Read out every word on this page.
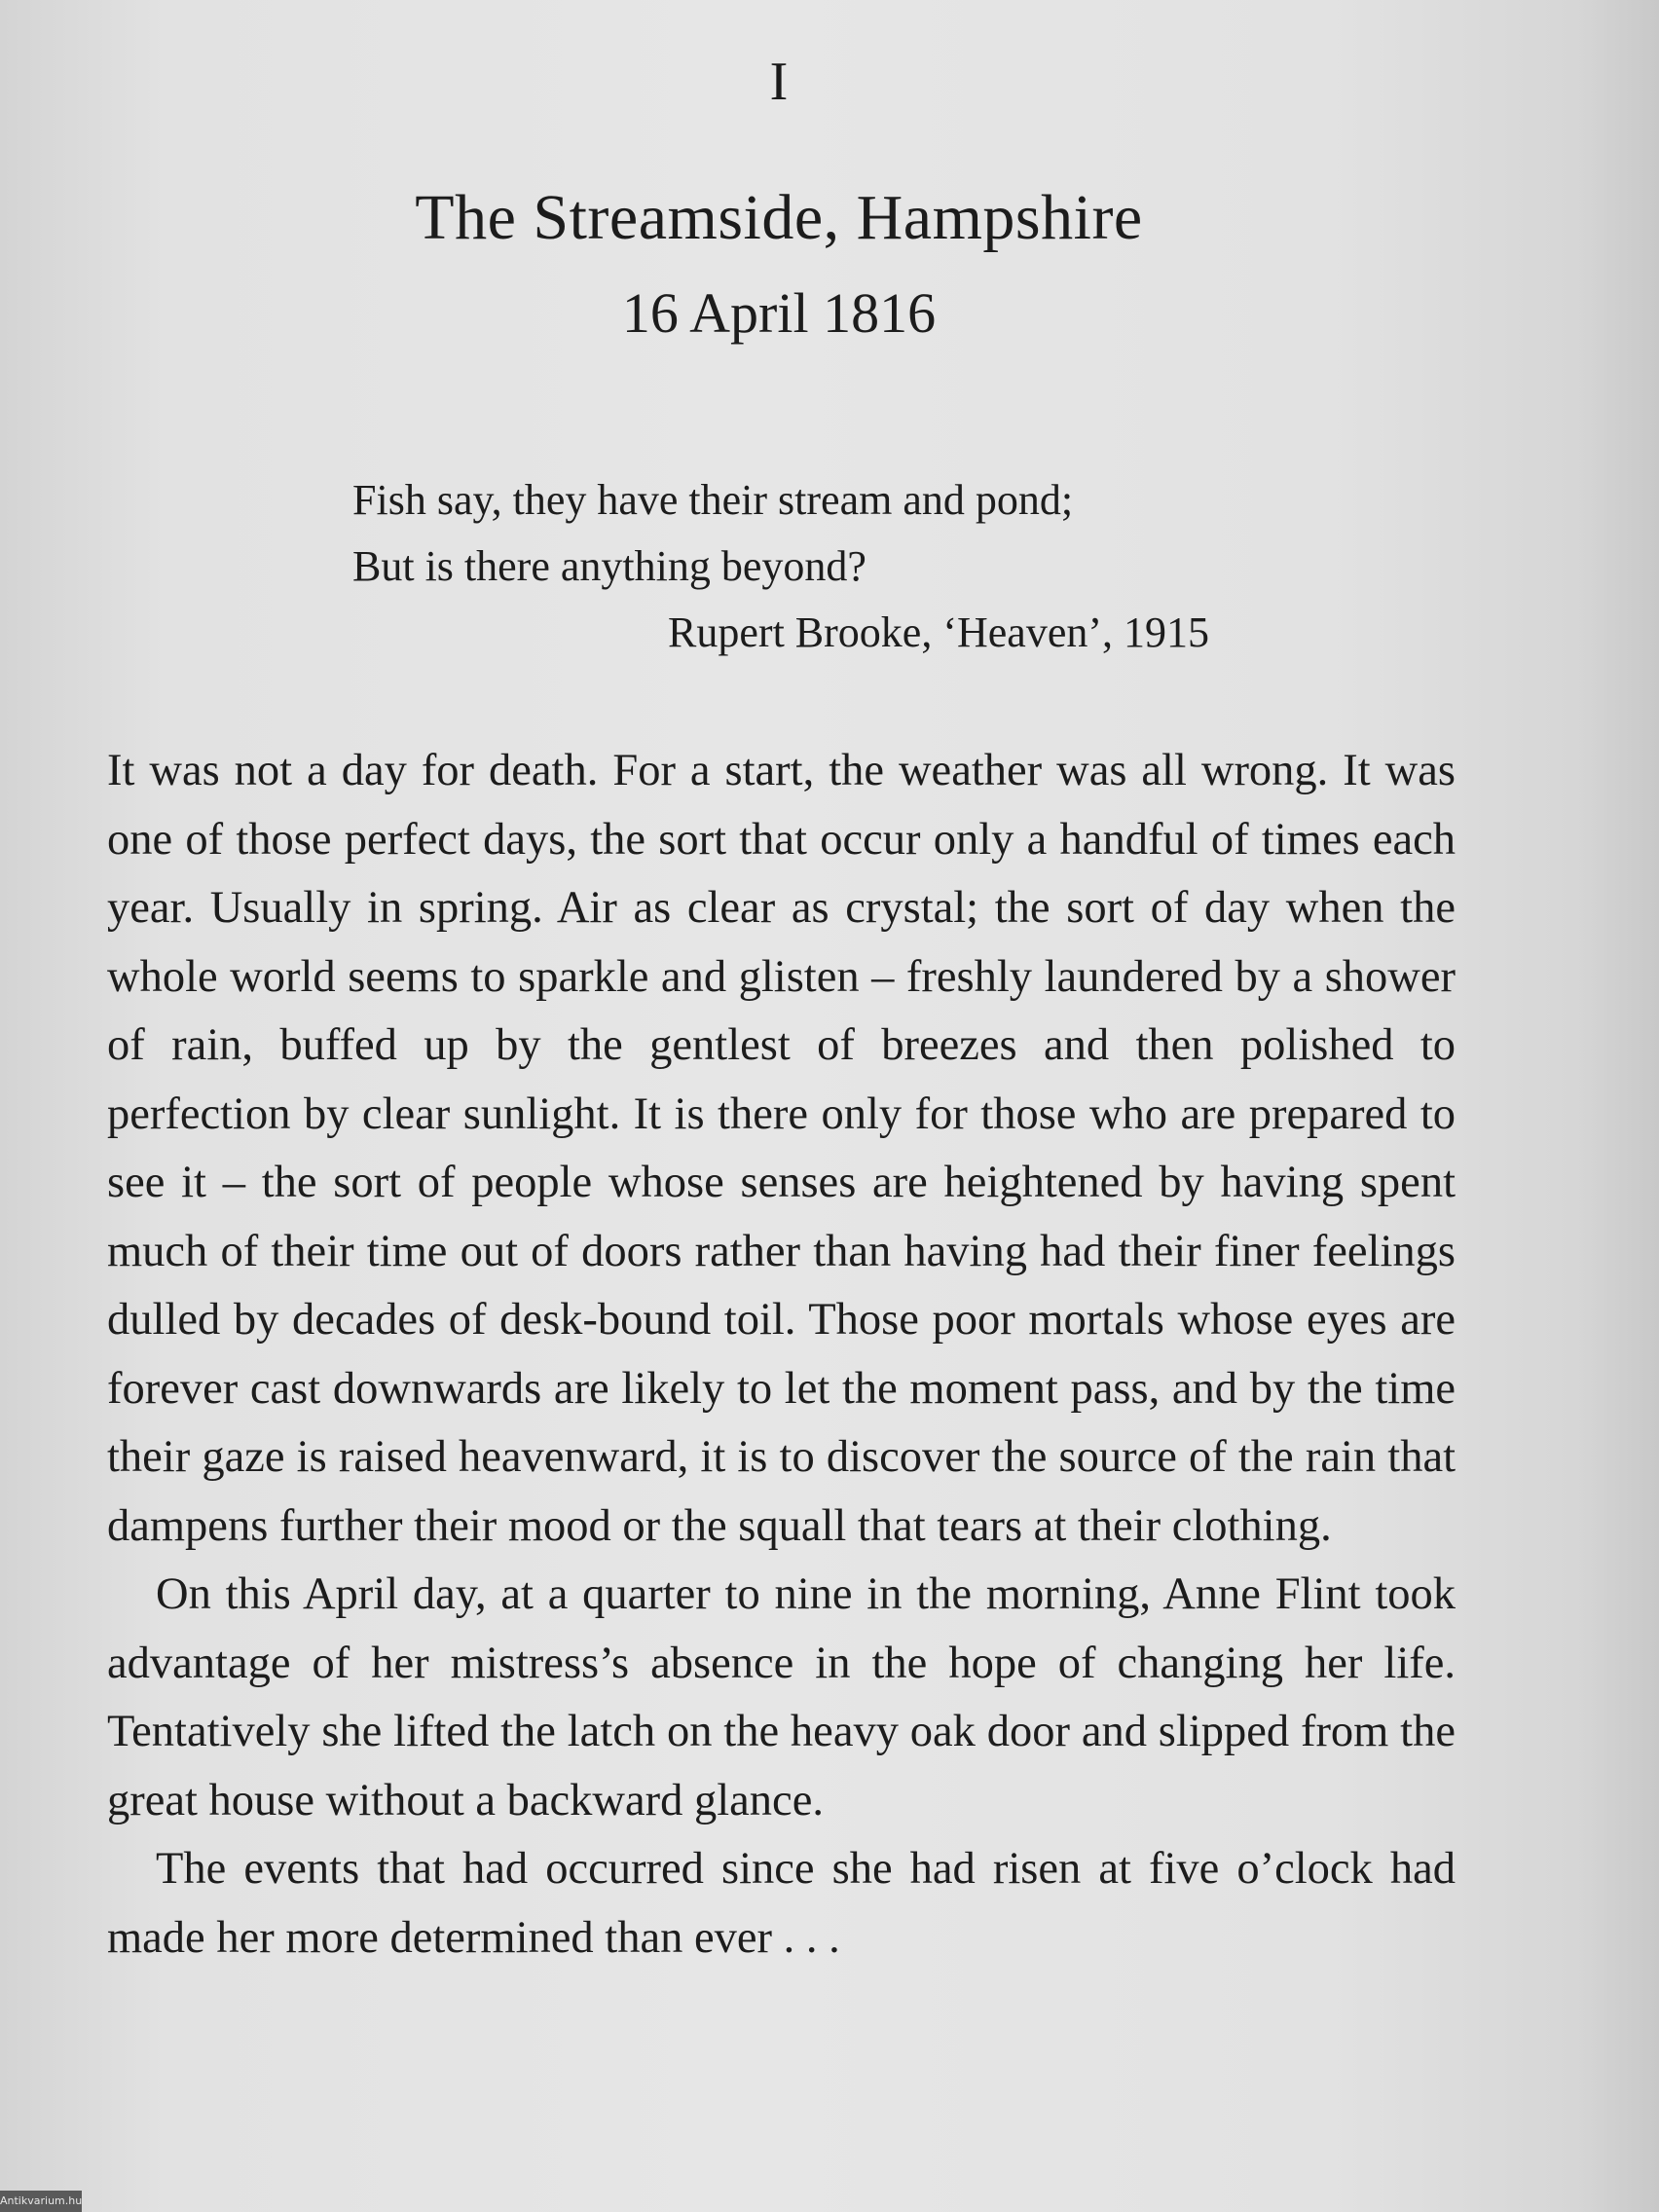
I
The Streamside, Hampshire
16 April 1816
Fish say, they have their stream and pond;
But is there anything beyond?
Rupert Brooke, ‘Heaven’, 1915

It was not a day for death. For a start, the weather was all wrong. It was one of those perfect days, the sort that occur only a handful of times each year. Usually in spring. Air as clear as crystal; the sort of day when the whole world seems to sparkle and glisten – freshly laundered by a shower of rain, buffed up by the gentlest of breezes and then polished to perfection by clear sunlight. It is there only for those who are prepared to see it – the sort of people whose senses are heightened by having spent much of their time out of doors rather than having had their finer feelings dulled by decades of desk-bound toil. Those poor mortals whose eyes are forever cast downwards are likely to let the moment pass, and by the time their gaze is raised heavenward, it is to discover the source of the rain that dampens further their mood or the squall that tears at their clothing.

On this April day, at a quarter to nine in the morning, Anne Flint took advantage of her mistress’s absence in the hope of changing her life. Tentatively she lifted the latch on the heavy oak door and slipped from the great house without a backward glance.

The events that had occurred since she had risen at five o’clock had made her more determined than ever . . .

Antikvarium.hu
